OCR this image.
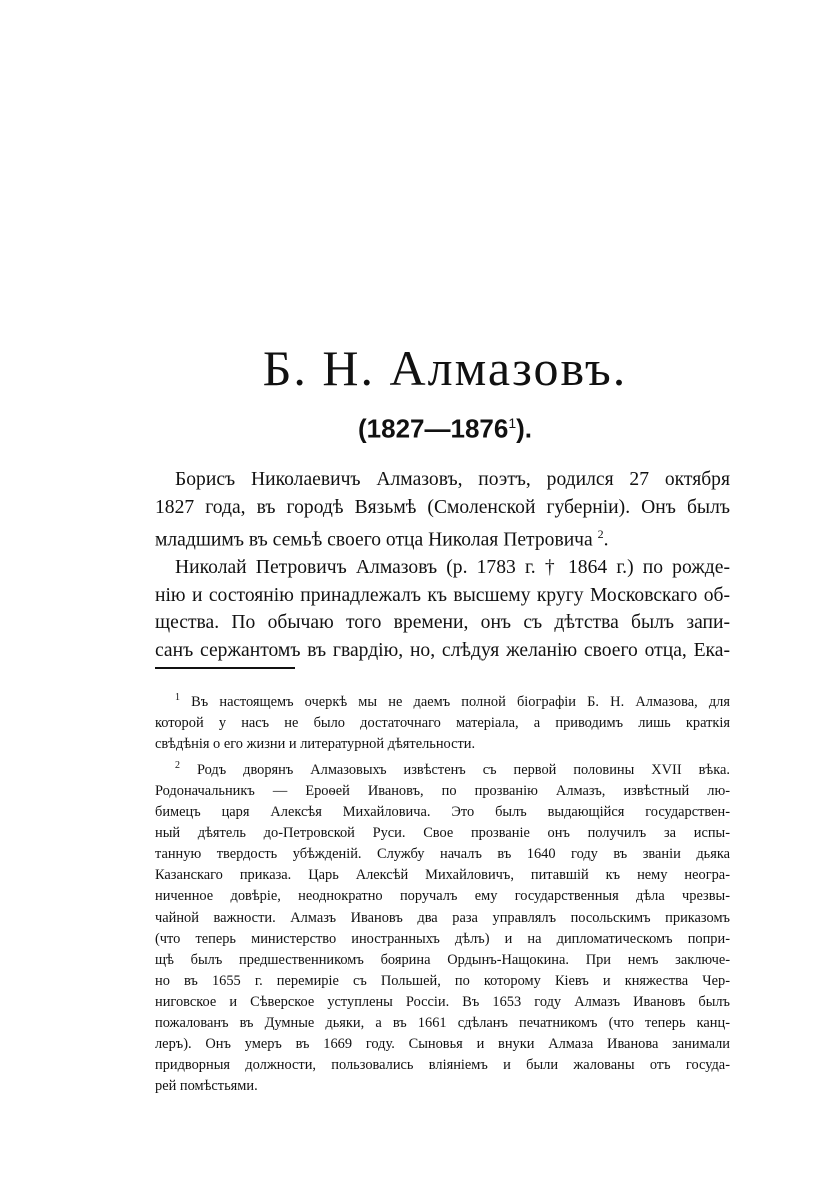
Б. Н. Алмазовъ.
(1827—1876$^1$).
Борисъ Николаевичъ Алмазовъ, поэтъ, родился 27 октября
1827 года, въ городѣ Вязьмѣ (Смоленской губерніи). Онъ былъ
младшимъ въ семьѣ своего отца Николая Петровича $^2$.
Николай Петровичъ Алмазовъ (р. 1783 г. † 1864 г.) по рожде-
нію и состоянію принадлежалъ къ высшему кругу Московскаго об-
щества. По обычаю того времени, онъ съ дѣтства былъ запи-
санъ сержантомъ въ гвардію, но, слѣдуя желанію своего отца, Ека-
$^1$ Въ настоящемъ очеркѣ мы не даемъ полной біографіи Б. Н. Алмазова, для
которой у насъ не было достаточнаго матеріала, а приводимъ лишь краткія
свѣдѣнія о его жизни и литературной дѣятельности.
$^2$ Родъ дворянъ Алмазовыхъ извѣстенъ съ первой половины XVII вѣка.
Родоначальникъ — Ероѳей Ивановъ, по прозванію Алмазъ, извѣстный лю-
бимецъ царя Алексѣя Михайловича. Это былъ выдающійся государствен-
ный дѣятель до-Петровской Руси. Свое прозваніе онъ получилъ за испы-
танную твердость убѣжденій. Службу началъ въ 1640 году въ званіи дьяка
Казанскаго приказа. Царь Алексѣй Михайловичъ, питавшій къ нему неогра-
ниченное довѣріе, неоднократно поручалъ ему государственныя дѣла чрезвы-
чайной важности. Алмазъ Ивановъ два раза управлялъ посольскимъ приказомъ
(что теперь министерство иностранныхъ дѣлъ) и на дипломатическомъ попри-
щѣ былъ предшественникомъ боярина Ордынъ-Нащокина. При немъ заключе-
но въ 1655 г. перемиріе съ Польшей, по которому Кіевъ и княжества Чер-
ниговское и Сѣверское уступлены Россіи. Въ 1653 году Алмазъ Ивановъ былъ
пожалованъ въ Думные дьяки, а въ 1661 сдѣланъ печатникомъ (что теперь канц-
леръ). Онъ умеръ въ 1669 году. Сыновья и внуки Алмаза Иванова занимали
придворныя должности, пользовались вліяніемъ и были жалованы отъ госуда-
рей помѣстьями.
